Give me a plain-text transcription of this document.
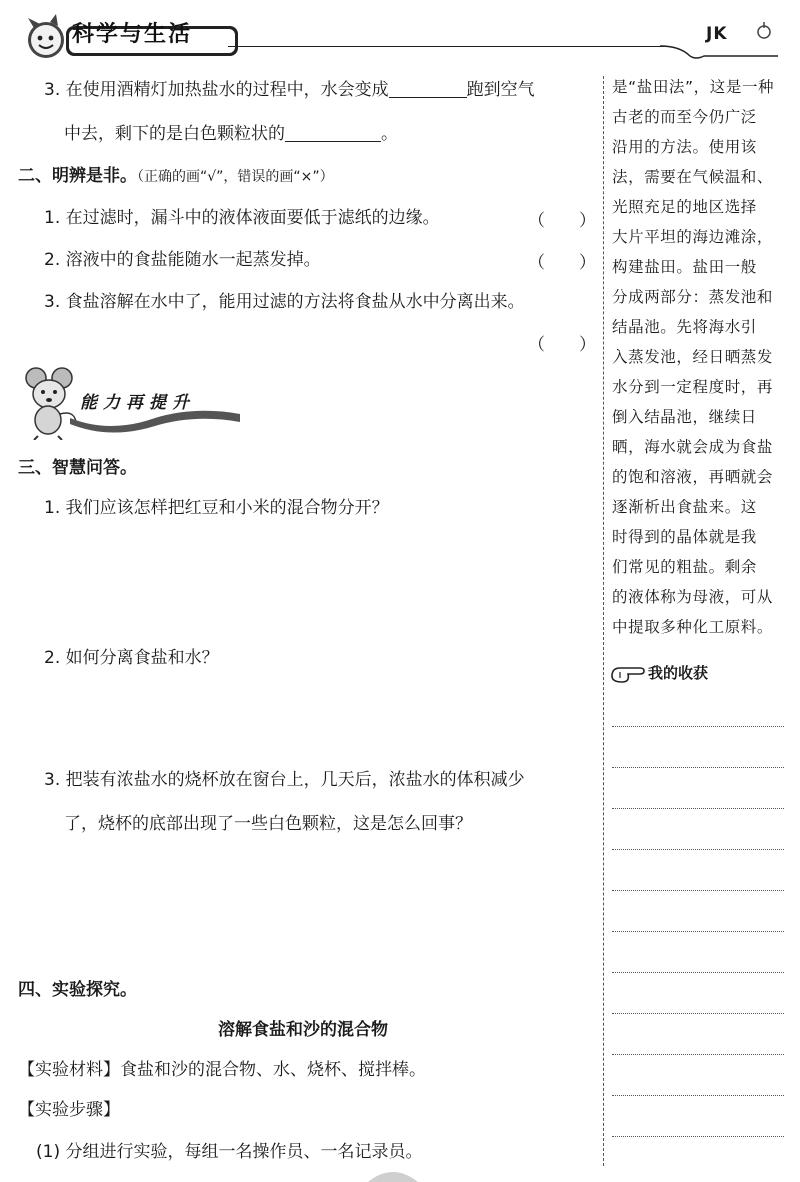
科学与生活	JK
3. 在使用酒精灯加热盐水的过程中，水会变成	跑到空气
中去，剩下的是白色颗粒状的	。
二、明辨是非。（正确的画“√”，错误的画“×”）
1. 在过滤时，漏斗中的液体液面要低于滤纸的边缘。	（　　）
2. 溶液中的食盐能随水一起蒸发掉。	（　　）
3. 食盐溶解在水中了，能用过滤的方法将食盐从水中分离出来。
（　　）
能力再提升
三、智慧问答。
1. 我们应该怎样把红豆和小米的混合物分开？
2. 如何分离食盐和水？
3. 把装有浓盐水的烧杯放在窗台上，几天后，浓盐水的体积减少
了，烧杯的底部出现了一些白色颗粒，这是怎么回事？
四、实验探究。
溶解食盐和沙的混合物
【实验材料】食盐和沙的混合物、水、烧杯、搅拌棒。
【实验步骤】
(1) 分组进行实验，每组一名操作员、一名记录员。
是“盐田法”，这是一种
古老的而至今仍广泛
沿用的方法。使用该
法，需要在气候温和、
光照充足的地区选择
大片平坦的海边滩涂，
构建盐田。盐田一般
分成两部分：蒸发池和
结晶池。先将海水引
入蒸发池，经日晒蒸发
水分到一定程度时，再
倒入结晶池，继续日
晒，海水就会成为食盐
的饱和溶液，再晒就会
逐渐析出食盐来。这
时得到的晶体就是我
们常见的粗盐。剩余
的液体称为母液，可从
中提取多种化工原料。
我的收获
